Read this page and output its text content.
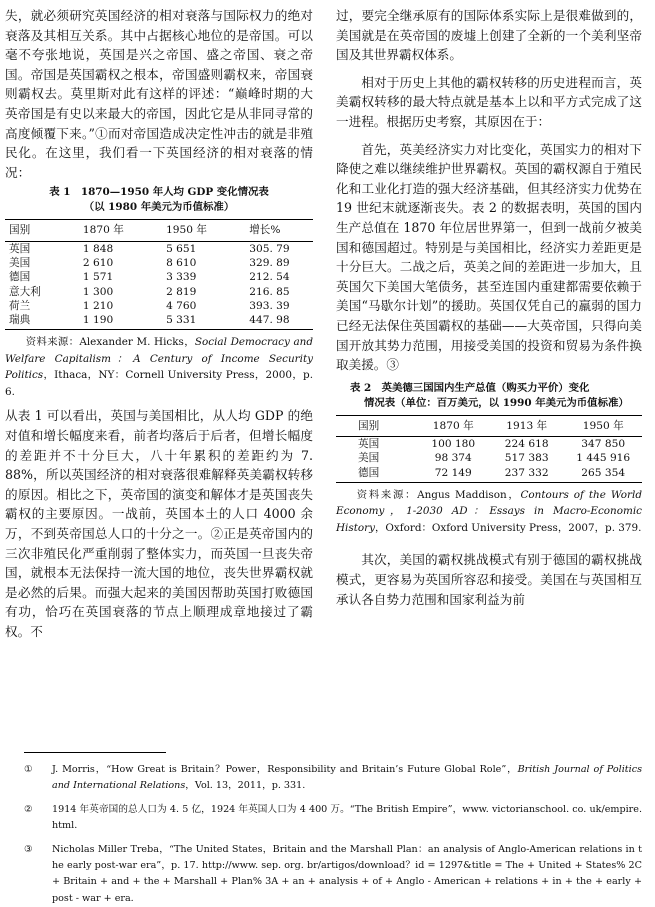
失，就必须研究英国经济的相对衰落与国际权力的绝对衰落及其相互关系。其中占据核心地位的是帝国。可以毫不夸张地说，英国是兴之帝国、盛之帝国、衰之帝国。帝国是英国霸权之根本，帝国盛则霸权来，帝国衰则霸权去。莫里斯对此有这样的评述：“巅峰时期的大英帝国是有史以来最大的帝国，因此它是从非同寻常的高度倾覆下来。”①而对帝国造成决定性冲击的就是非殖民化。在这里，我们看一下英国经济的相对衰落的情况：

表 1　1870—1950 年人均 GDP 变化情况表

（以 1980 年美元为币值标准）

国别	1870 年	1950 年	增长%
英国	1 848	5 651	305. 79
美国	2 610	8 610	329. 89
德国	1 571	3 339	212. 54
意大利	1 300	2 819	216. 85
荷兰	1 210	4 760	393. 39
瑞典	1 190	5 331	447. 98

资料来源：Alexander M. Hicks，Social Democracy and Welfare Capitalism：A Century of Income Security Politics，Ithaca，NY：Cornell University Press，2000，p. 6.

从表 1 可以看出，英国与美国相比，从人均 GDP 的绝对值和增长幅度来看，前者均落后于后者，但增长幅度的差距并不十分巨大，八十年累积的差距约为 7. 88%，所以英国经济的相对衰落很难解释英美霸权转移的原因。相比之下，英帝国的演变和解体才是英国丧失霸权的主要原因。一战前，英国本土的人口 4000 余万，不到英帝国总人口的十分之一。②正是英帝国内的三次非殖民化严重削弱了整体实力，而英国一旦丧失帝国，就根本无法保持一流大国的地位，丧失世界霸权就是必然的后果。而强大起来的美国因帮助英国打败德国有功，恰巧在英国衰落的节点上顺理成章地接过了霸权。不

过，要完全继承原有的国际体系实际上是很难做到的，美国就是在英帝国的废墟上创建了全新的一个美利坚帝国及其世界霸权体系。

相对于历史上其他的霸权转移的历史进程而言，英美霸权转移的最大特点就是基本上以和平方式完成了这一进程。根据历史考察，其原因在于：

首先，英美经济实力对比变化，英国实力的相对下降使之难以继续维护世界霸权。英国的霸权源自于殖民化和工业化打造的强大经济基础，但其经济实力优势在 19 世纪末就逐渐丧失。表 2 的数据表明，英国的国内生产总值在 1870 年位居世界第一，但到一战前夕被美国和德国超过。特别是与美国相比，经济实力差距更是十分巨大。二战之后，英美之间的差距进一步加大，且英国欠下美国大笔债务，甚至连国内重建都需要依赖于美国“马歇尔计划”的援助。英国仅凭自己的羸弱的国力已经无法保住英国霸权的基础——大英帝国，只得向美国开放其势力范围，用接受美国的投资和贸易为条件换取美援。③

表 2　英美德三国国内生产总值（购买力平价）变化

情况表（单位：百万美元，以 1990 年美元为币值标准）

国别	1870 年	1913 年	1950 年
英国	100 180	224 618	347 850
美国	98 374	517 383	1 445 916
德国	72 149	237 332	265 354

资料来源：Angus Maddison，Contours of the World Economy，1-2030 AD：Essays in Macro-Economic History，Oxford：Oxford University Press，2007，p. 379.

其次，美国的霸权挑战模式有别于德国的霸权挑战模式，更容易为英国所容忍和接受。美国在与英国相互承认各自势力范围和国家利益为前

①	J. Morris，“How Great is Britain？Power，Responsibility and Britain’s Future Global Role”，British Journal of Politics and International Relations，Vol. 13，2011，p. 331.
②	1914 年英帝国的总人口为 4. 5 亿，1924 年英国人口为 4 400 万。“The British Empire”，www. victorianschool. co. uk/empire. html.
③	Nicholas Miller Treba，“The United States，Britain and the Marshall Plan：an analysis of Anglo-American relations in the early post-war era”，p. 17. http://www. sep. org. br/artigos/download？id = 1297&title = The + United + States% 2C + Britain + and + the + Marshall + Plan% 3A + an + analysis + of + Anglo - American + relations + in + the + early + post - war + era.
